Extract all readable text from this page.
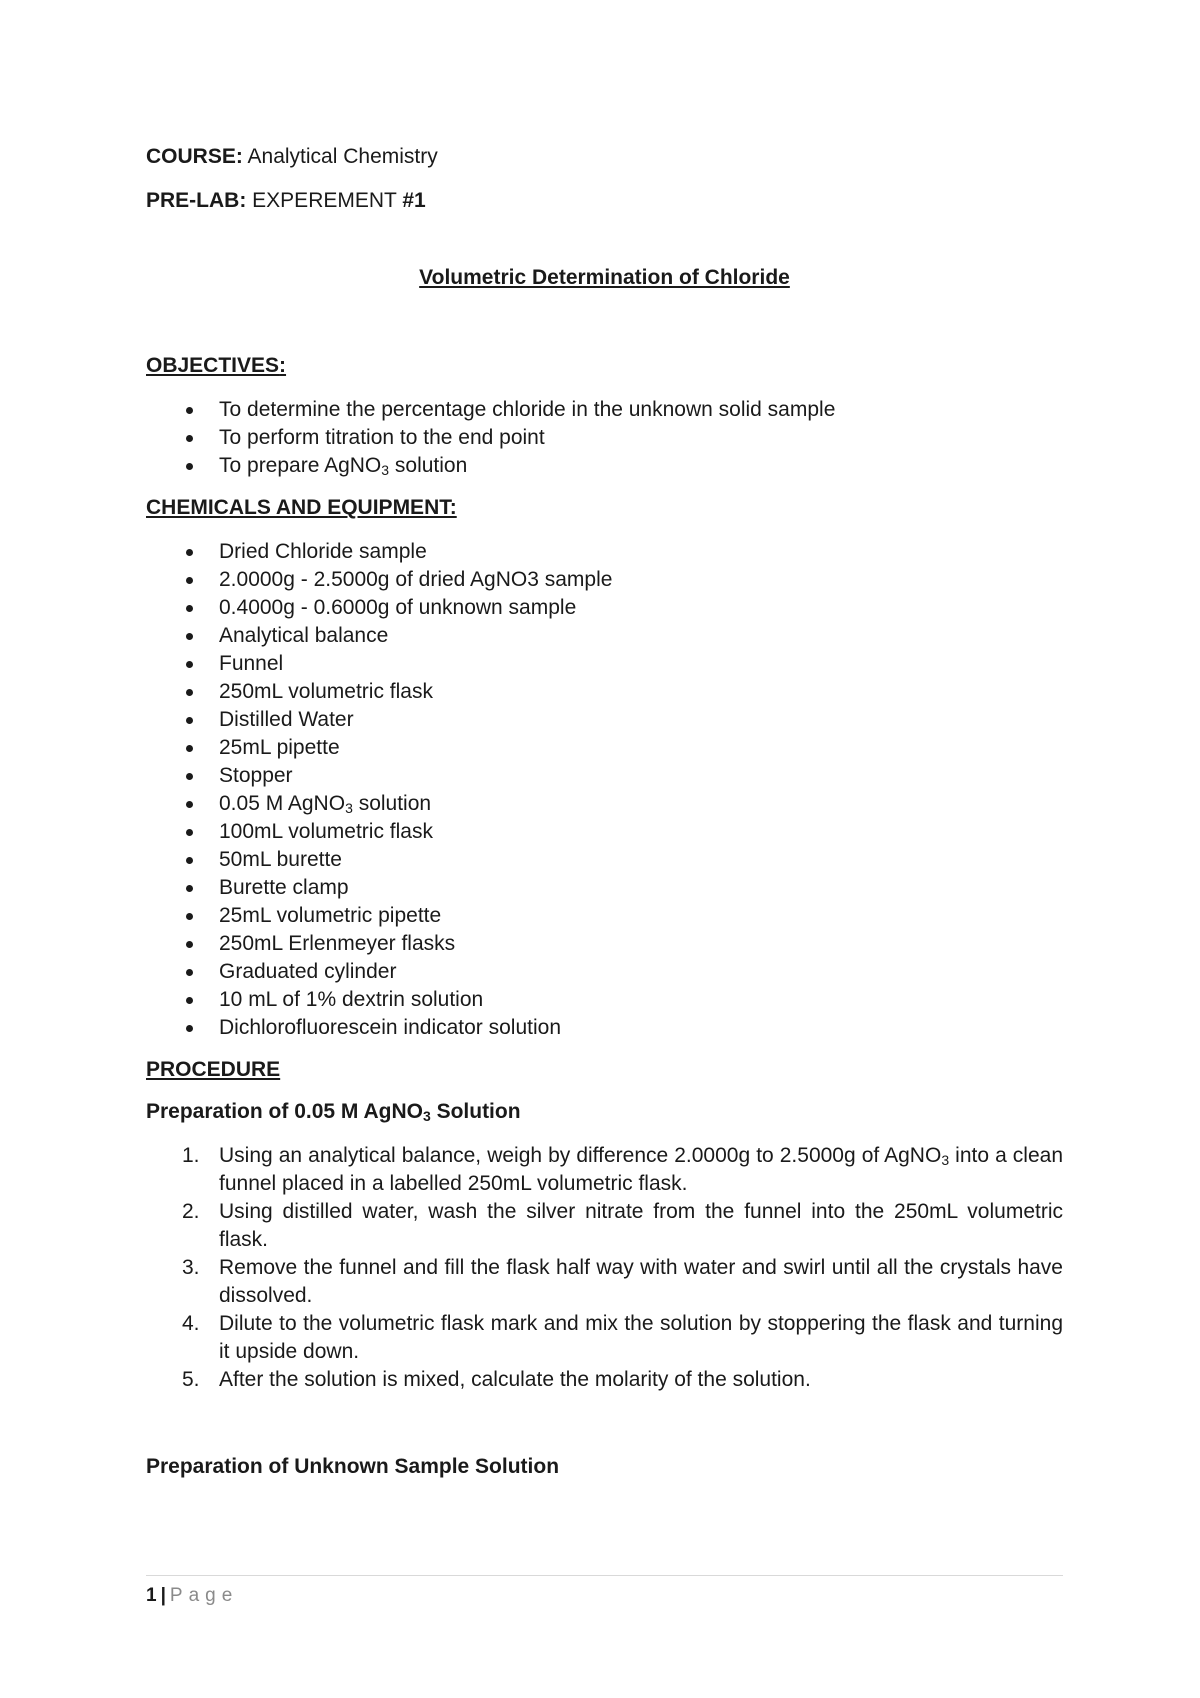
COURSE: Analytical Chemistry

PRE-LAB: EXPEREMENT #1

Volumetric Determination of Chloride

OBJECTIVES:

To determine the percentage chloride in the unknown solid sample
To perform titration to the end point
To prepare AgNO$_3$ solution

CHEMICALS AND EQUIPMENT:

Dried Chloride sample
2.0000g - 2.5000g of dried AgNO3 sample
0.4000g - 0.6000g of unknown sample
Analytical balance
Funnel
250mL volumetric flask
Distilled Water
25mL pipette
Stopper
0.05 M AgNO$_3$ solution
100mL volumetric flask
50mL burette
Burette clamp
25mL volumetric pipette
250mL Erlenmeyer flasks
Graduated cylinder
10 mL of 1% dextrin solution
Dichlorofluorescein indicator solution

PROCEDURE

Preparation of 0.05 M AgNO$_3$ Solution

1. Using an analytical balance, weigh by difference 2.0000g to 2.5000g of AgNO$_3$ into a clean funnel placed in a labelled 250mL volumetric flask.
2. Using distilled water, wash the silver nitrate from the funnel into the 250mL volumetric flask.
3. Remove the funnel and fill the flask half way with water and swirl until all the crystals have dissolved.
4. Dilute to the volumetric flask mark and mix the solution by stoppering the flask and turning it upside down.
5. After the solution is mixed, calculate the molarity of the solution.

Preparation of Unknown Sample Solution

1 | Page
